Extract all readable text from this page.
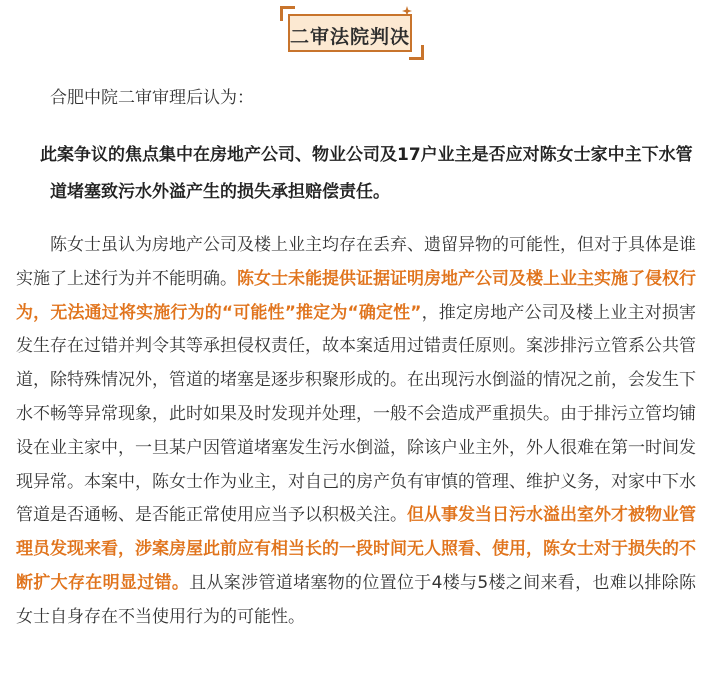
二审法院判决
合肥中院二审审理后认为：
此案争议的焦点集中在房地产公司、物业公司及17户业主是否应对陈女士家中主下水管道堵塞致污水外溢产生的损失承担赔偿责任。
陈女士虽认为房地产公司及楼上业主均存在丢弃、遗留异物的可能性，但对于具体是谁实施了上述行为并不能明确。陈女士未能提供证据证明房地产公司及楼上业主实施了侵权行为，无法通过将实施行为的“可能性”推定为“确定性”，推定房地产公司及楼上业主对损害发生存在过错并判令其等承担侵权责任，故本案适用过错责任原则。案涉排污立管系公共管道，除特殊情况外，管道的堵塞是逐步积聚形成的。在出现污水倒溢的情况之前，会发生下水不畅等异常现象，此时如果及时发现并处理，一般不会造成严重损失。由于排污立管均铺设在业主家中，一旦某户因管道堵塞发生污水倒溢，除该户业主外，外人很难在第一时间发现异常。本案中，陈女士作为业主，对自己的房产负有审慎的管理、维护义务，对家中下水管道是否通畅、是否能正常使用应当予以积极关注。但从事发当日污水溢出室外才被物业管理员发现来看，涉案房屋此前应有相当长的一段时间无人照看、使用，陈女士对于损失的不断扩大存在明显过错。且从案涉管道堵塞物的位置位于4楼与5楼之间来看，也难以排除陈女士自身存在不当使用行为的可能性。
